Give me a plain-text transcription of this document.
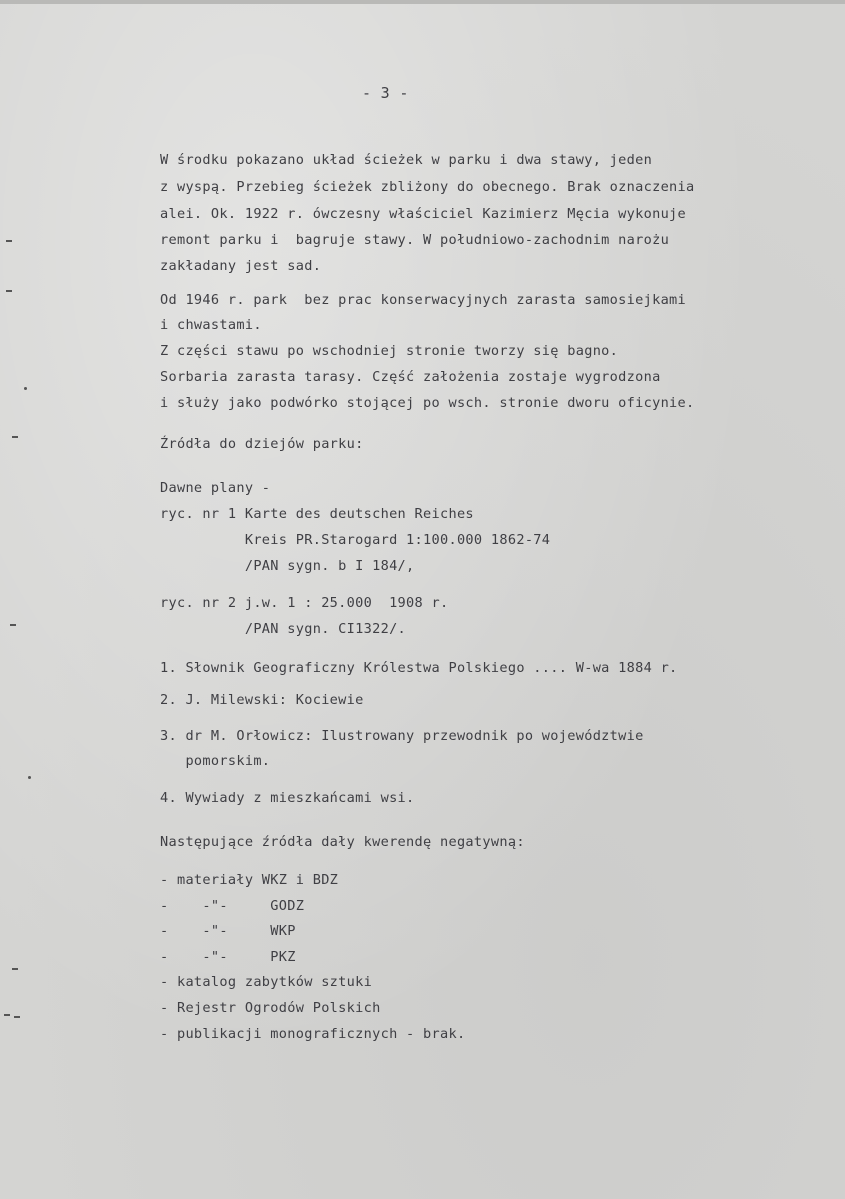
- 3 -
W środku pokazano układ ścieżek w parku i dwa stawy, jeden
z wyspą. Przebieg ścieżek zbliżony do obecnego. Brak oznaczenia
alei. Ok. 1922 r. ówczesny właściciel Kazimierz Męcia wykonuje
remont parku i  bagruje stawy. W południowo-zachodnim narożu
zakładany jest sad.
Od 1946 r. park  bez prac konserwacyjnych zarasta samosiejkami
i chwastami.
Z części stawu po wschodniej stronie tworzy się bagno.
Sorbaria zarasta tarasy. Część założenia zostaje wygrodzona
i służy jako podwórko stojącej po wsch. stronie dworu oficynie.
Źródła do dziejów parku:
Dawne plany -
ryc. nr 1 Karte des deutschen Reiches
Kreis PR.Starogard 1:100.000 1862-74
/PAN sygn. b I 184/,
ryc. nr 2 j.w. 1 : 25.000  1908 r.
/PAN sygn. CI1322/.
1. Słownik Geograficzny Królestwa Polskiego .... W-wa 1884 r.
2. J. Milewski: Kociewie
3. dr M. Orłowicz: Ilustrowany przewodnik po województwie
pomorskim.
4. Wywiady z mieszkańcami wsi.
Następujące źródła dały kwerendę negatywną:
- materiały WKZ i BDZ
-    -"-     GODZ
-    -"-     WKP
-    -"-     PKZ
- katalog zabytków sztuki
- Rejestr Ogrodów Polskich
- publikacji monograficznych - brak.
